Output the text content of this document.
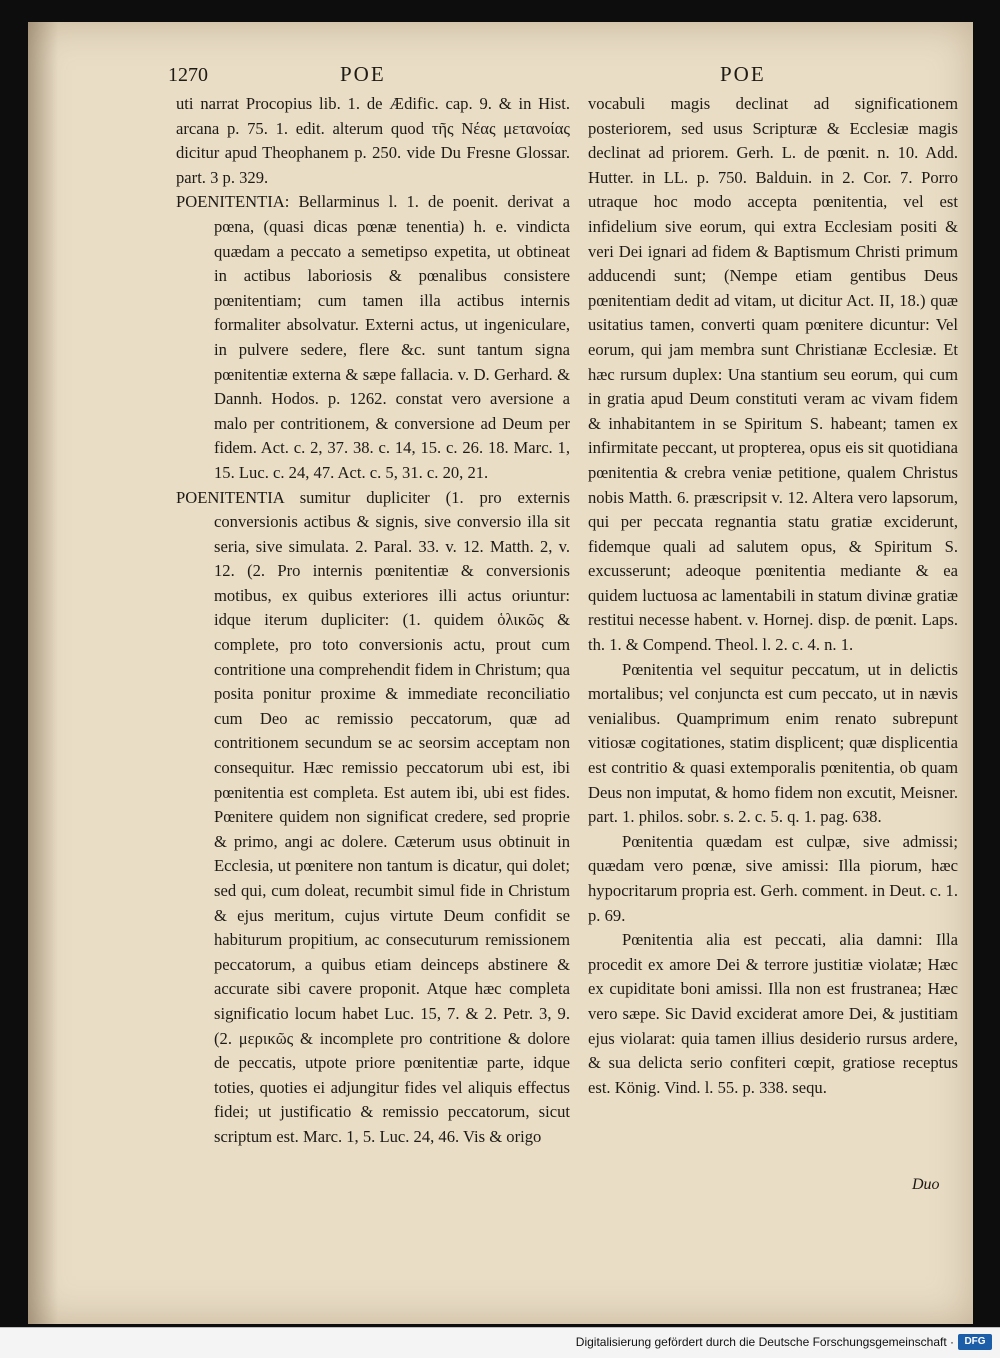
1270	POE	POE

uti narrat Procopius lib. 1. de Ædific. cap. 9. & in Hist. arcana p. 75. 1. edit. alterum quod τῆς Νέας μετανοίας dicitur apud Theophanem p. 250. vide Du Fresne Glossar. part. 3 p. 329.

POENITENTIA: Bellarminus l. 1. de poenit. derivat a pœna, (quasi dicas pœnæ tenentia) h. e. vindicta quædam a peccato a semetipso expetita, ut obtineat in actibus laboriosis & pœnalibus consistere pœnitentiam; cum tamen illa actibus internis formaliter absolvatur. Externi actus, ut ingeniculare, in pulvere sedere, flere &c. sunt tantum signa pœnitentiæ externa & sæpe fallacia. v. D. Gerhard. & Dannh. Hodos. p. 1262. constat vero aversione a malo per contritionem, & conversione ad Deum per fidem. Act. c. 2, 37. 38. c. 14, 15. c. 26. 18. Marc. 1, 15. Luc. c. 24, 47. Act. c. 5, 31. c. 20, 21.

POENITENTIA sumitur dupliciter (1. pro externis conversionis actibus & signis, sive conversio illa sit seria, sive simulata. 2. Paral. 33. v. 12. Matth. 2, v. 12. (2. Pro internis pœnitentiæ & conversionis motibus, ex quibus exteriores illi actus oriuntur: idque iterum dupliciter: (1. quidem ὁλικῶς & complete, pro toto conversionis actu, prout cum contritione una comprehendit fidem in Christum; qua posita ponitur proxime & immediate reconciliatio cum Deo ac remissio peccatorum, quæ ad contritionem secundum se ac seorsim acceptam non consequitur. Hæc remissio peccatorum ubi est, ibi pœnitentia est completa. Est autem ibi, ubi est fides. Pœnitere quidem non significat credere, sed proprie & primo, angi ac dolere. Cæterum usus obtinuit in Ecclesia, ut pœnitere non tantum is dicatur, qui dolet; sed qui, cum doleat, recumbit simul fide in Christum & ejus meritum, cujus virtute Deum confidit se habiturum propitium, ac consecuturum remissionem peccatorum, a quibus etiam deinceps abstinere & accurate sibi cavere proponit. Atque hæc completa significatio locum habet Luc. 15, 7. & 2. Petr. 3, 9. (2. μερικῶς & incomplete pro contritione & dolore de peccatis, utpote priore pœnitentiæ parte, idque toties, quoties ei adjungitur fides vel aliquis effectus fidei; ut justificatio & remissio peccatorum, sicut scriptum est. Marc. 1, 5. Luc. 24, 46. Vis & origo

vocabuli magis declinat ad significationem posteriorem, sed usus Scripturæ & Ecclesiæ magis declinat ad priorem. Gerh. L. de pœnit. n. 10. Add. Hutter. in LL. p. 750. Balduin. in 2. Cor. 7. Porro utraque hoc modo accepta pœnitentia, vel est infidelium sive eorum, qui extra Ecclesiam positi & veri Dei ignari ad fidem & Baptismum Christi primum adducendi sunt; (Nempe etiam gentibus Deus pœnitentiam dedit ad vitam, ut dicitur Act. II, 18.) quæ usitatius tamen, converti quam pœnitere dicuntur: Vel eorum, qui jam membra sunt Christianæ Ecclesiæ. Et hæc rursum duplex: Una stantium seu eorum, qui cum in gratia apud Deum constituti veram ac vivam fidem & inhabitantem in se Spiritum S. habeant; tamen ex infirmitate peccant, ut propterea, opus eis sit quotidiana pœnitentia & crebra veniæ petitione, qualem Christus nobis Matth. 6. præscripsit v. 12. Altera vero lapsorum, qui per peccata regnantia statu gratiæ exciderunt, fidemque quali ad salutem opus, & Spiritum S. excusserunt; adeoque pœnitentia mediante & ea quidem luctuosa ac lamentabili in statum divinæ gratiæ restitui necesse habent. v. Hornej. disp. de pœnit. Laps. th. 1. & Compend. Theol. l. 2. c. 4. n. 1.

Pœnitentia vel sequitur peccatum, ut in delictis mortalibus; vel conjuncta est cum peccato, ut in nævis venialibus. Quamprimum enim renato subrepunt vitiosæ cogitationes, statim displicent; quæ displicentia est contritio & quasi extemporalis pœnitentia, ob quam Deus non imputat, & homo fidem non excutit, Meisner. part. 1. philos. sobr. s. 2. c. 5. q. 1. pag. 638.

Pœnitentia quædam est culpæ, sive admissi; quædam vero pœnæ, sive amissi: Illa piorum, hæc hypocritarum propria est. Gerh. comment. in Deut. c. 1. p. 69.

Pœnitentia alia est peccati, alia damni: Illa procedit ex amore Dei & terrore justitiæ violatæ; Hæc ex cupiditate boni amissi. Illa non est frustranea; Hæc vero sæpe. Sic David exciderat amore Dei, & justitiam ejus violarat: quia tamen illius desiderio rursus ardere, & sua delicta serio confiteri cœpit, gratiose receptus est. König. Vind. l. 55. p. 338. sequ.

Duo
Digitalisierung gefördert durch die Deutsche Forschungsgemeinschaft ·	DFG
